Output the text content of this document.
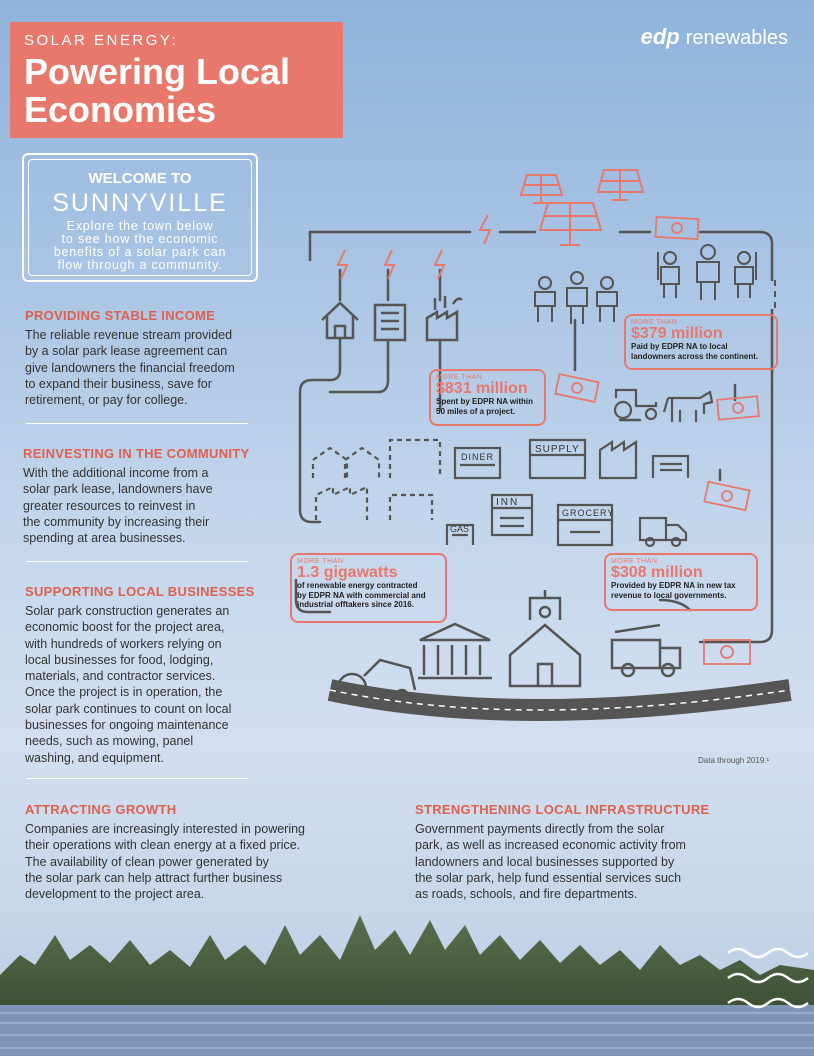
SOLAR ENERGY:
Powering Local
Economies
edp renewables
WELCOME TO
SUNNYVILLE
Explore the town below
to see how the economic
benefits of a solar park can
flow through a community.
PROVIDING STABLE INCOME

The reliable revenue stream provided
by a solar park lease agreement can
give landowners the financial freedom
to expand their business, save for
retirement, or pay for college.

REINVESTING IN THE COMMUNITY

With the additional income from a
solar park lease, landowners have
greater resources to reinvest in
the community by increasing their
spending at area businesses.

SUPPORTING LOCAL BUSINESSES

Solar park construction generates an
economic boost for the project area,
with hundreds of workers relying on
local businesses for food, lodging,
materials, and contractor services.
Once the project is in operation, the
solar park continues to count on local
businesses for ongoing maintenance
needs, such as mowing, panel
washing, and equipment.

ATTRACTING GROWTH

Companies are increasingly interested in powering
their operations with clean energy at a fixed price.
The availability of clean power generated by
the solar park can help attract further business
development to the project area.

STRENGTHENING LOCAL INFRASTRUCTURE

Government payments directly from the solar
park, as well as increased economic activity from
landowners and local businesses supported by
the solar park, help fund essential services such
as roads, schools, and fire departments.

DINER
SUPPLY
INN
GROCERY
GAS
MORE THAN
$379 million
Paid by EDPR NA to local
landowners across the continent.
MORE THAN
$831 million
Spent by EDPR NA within
50 miles of a project.
MORE THAN
1.3 gigawatts
of renewable energy contracted
by EDPR NA with commercial and
industrial offtakers since 2016.
MORE THAN
$308 million
Provided by EDPR NA in new tax
revenue to local governments.
Data through 2019.¹
